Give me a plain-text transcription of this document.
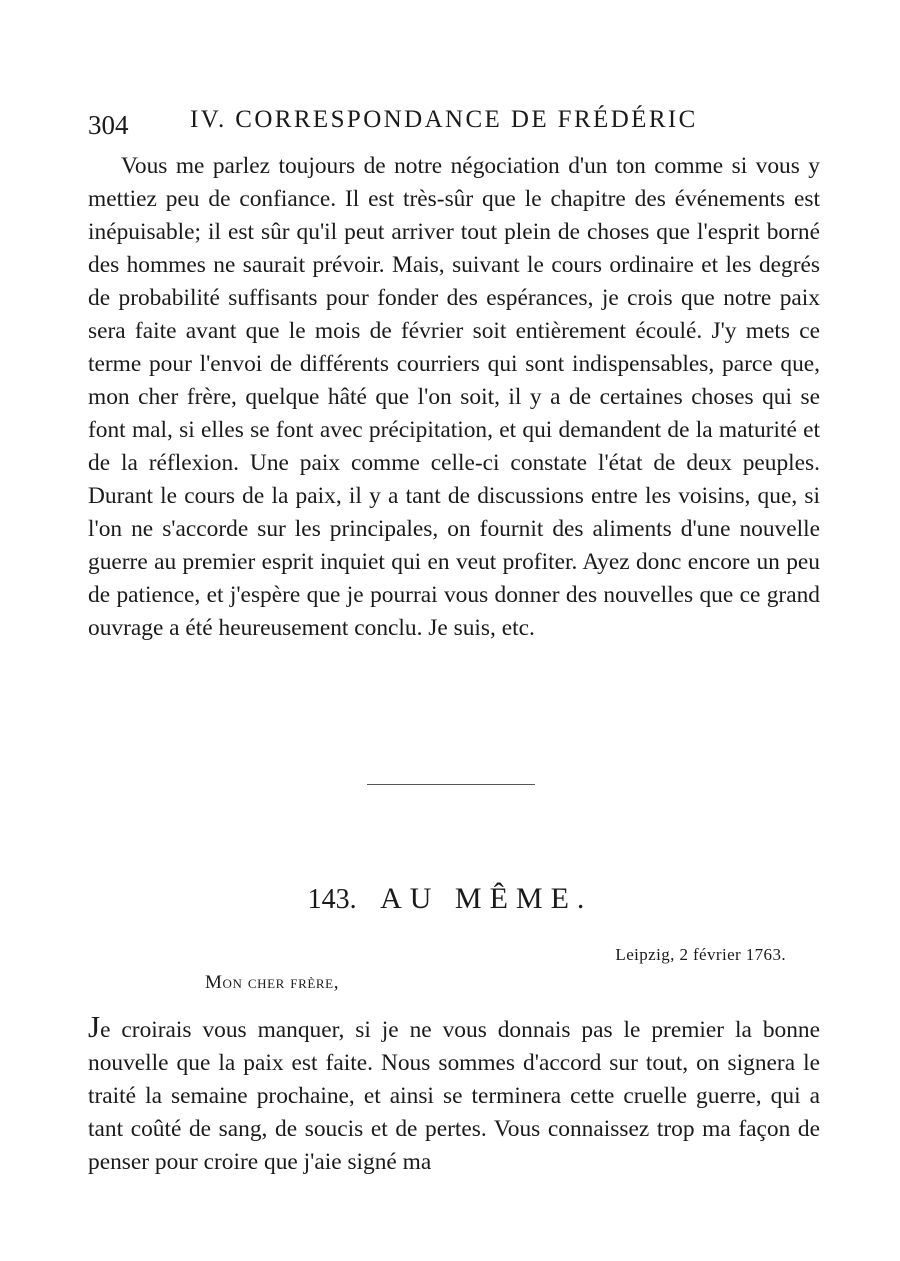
304 IV. CORRESPONDANCE DE FRÉDÉRIC

Vous me parlez toujours de notre négociation d'un ton comme si vous y mettiez peu de confiance. Il est très-sûr que le chapitre des événements est inépuisable; il est sûr qu'il peut arriver tout plein de choses que l'esprit borné des hommes ne saurait prévoir. Mais, suivant le cours ordinaire et les degrés de probabilité suffisants pour fonder des espérances, je crois que notre paix sera faite avant que le mois de février soit entièrement écoulé. J'y mets ce terme pour l'envoi de différents courriers qui sont indispensables, parce que, mon cher frère, quelque hâté que l'on soit, il y a de certaines choses qui se font mal, si elles se font avec précipitation, et qui demandent de la maturité et de la réflexion. Une paix comme celle-ci constate l'état de deux peuples. Durant le cours de la paix, il y a tant de discussions entre les voisins, que, si l'on ne s'accorde sur les principales, on fournit des aliments d'une nouvelle guerre au premier esprit inquiet qui en veut profiter. Ayez donc encore un peu de patience, et j'espère que je pourrai vous donner des nouvelles que ce grand ouvrage a été heureusement conclu. Je suis, etc.

143. AU MÊME.
Leipzig, 2 février 1763.
Mon cher frère,

Je croirais vous manquer, si je ne vous donnais pas le premier la bonne nouvelle que la paix est faite. Nous sommes d'accord sur tout, on signera le traité la semaine prochaine, et ainsi se terminera cette cruelle guerre, qui a tant coûté de sang, de soucis et de pertes. Vous connaissez trop ma façon de penser pour croire que j'aie signé ma
